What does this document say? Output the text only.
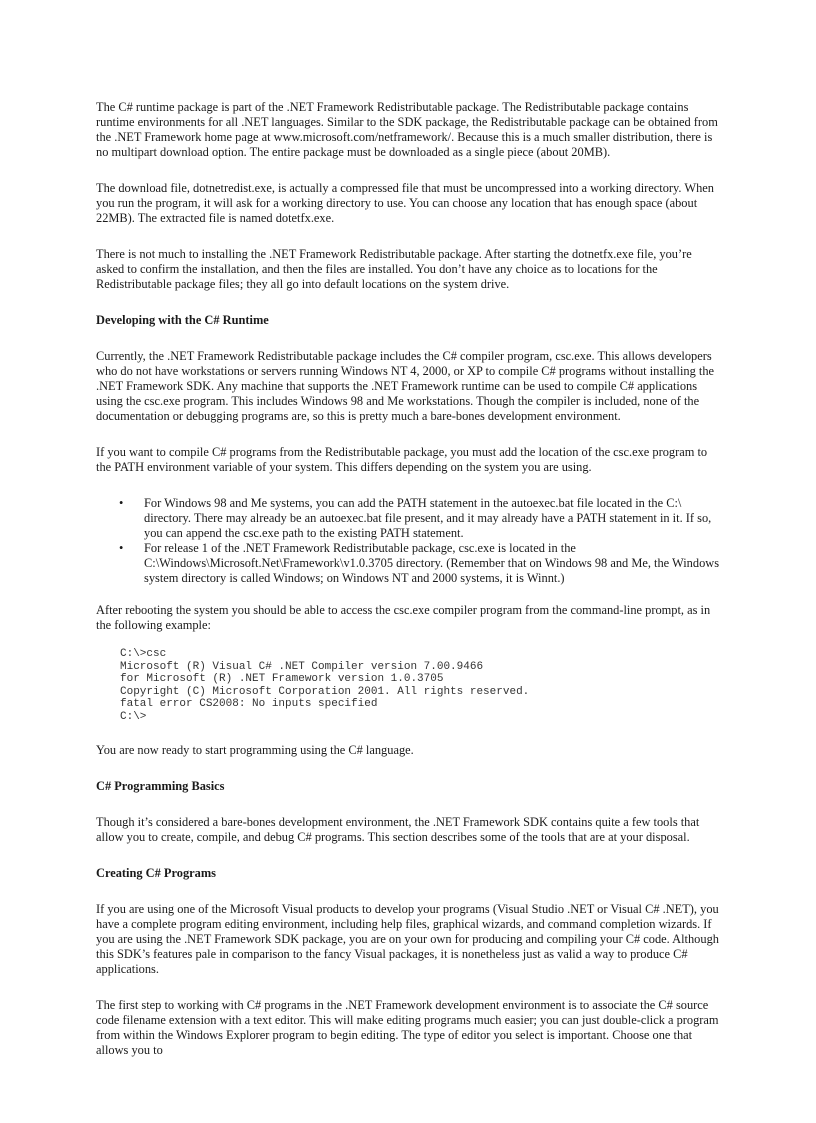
The C# runtime package is part of the .NET Framework Redistributable package. The Redistributable package contains runtime environments for all .NET languages. Similar to the SDK package, the Redistributable package can be obtained from the .NET Framework home page at www.microsoft.com/netframework/. Because this is a much smaller distribution, there is no multipart download option. The entire package must be downloaded as a single piece (about 20MB).

The download file, dotnetredist.exe, is actually a compressed file that must be uncompressed into a working directory. When you run the program, it will ask for a working directory to use. You can choose any location that has enough space (about 22MB). The extracted file is named dotetfx.exe.

There is not much to installing the .NET Framework Redistributable package. After starting the dotnetfx.exe file, you’re asked to confirm the installation, and then the files are installed. You don’t have any choice as to locations for the Redistributable package files; they all go into default locations on the system drive.

Developing with the C# Runtime

Currently, the .NET Framework Redistributable package includes the C# compiler program, csc.exe. This allows developers who do not have workstations or servers running Windows NT 4, 2000, or XP to compile C# programs without installing the .NET Framework SDK. Any machine that supports the .NET Framework runtime can be used to compile C# applications using the csc.exe program. This includes Windows 98 and Me workstations. Though the compiler is included, none of the documentation or debugging programs are, so this is pretty much a bare-bones development environment.

If you want to compile C# programs from the Redistributable package, you must add the location of the csc.exe program to the PATH environment variable of your system. This differs depending on the system you are using.

• For Windows 98 and Me systems, you can add the PATH statement in the autoexec.bat file located in the C:\ directory. There may already be an autoexec.bat file present, and it may already have a PATH statement in it. If so, you can append the csc.exe path to the existing PATH statement.
• For release 1 of the .NET Framework Redistributable package, csc.exe is located in the C:\Windows\Microsoft.Net\Framework\v1.0.3705 directory. (Remember that on Windows 98 and Me, the Windows system directory is called Windows; on Windows NT and 2000 systems, it is Winnt.)

After rebooting the system you should be able to access the csc.exe compiler program from the command-line prompt, as in the following example:

C:\>csc
Microsoft (R) Visual C# .NET Compiler version 7.00.9466
for Microsoft (R) .NET Framework version 1.0.3705
Copyright (C) Microsoft Corporation 2001. All rights reserved.
fatal error CS2008: No inputs specified
C:\>

You are now ready to start programming using the C# language.

C# Programming Basics

Though it’s considered a bare-bones development environment, the .NET Framework SDK contains quite a few tools that allow you to create, compile, and debug C# programs. This section describes some of the tools that are at your disposal.

Creating C# Programs

If you are using one of the Microsoft Visual products to develop your programs (Visual Studio .NET or Visual C# .NET), you have a complete program editing environment, including help files, graphical wizards, and command completion wizards. If you are using the .NET Framework SDK package, you are on your own for producing and compiling your C# code. Although this SDK’s features pale in comparison to the fancy Visual packages, it is nonetheless just as valid a way to produce C# applications.

The first step to working with C# programs in the .NET Framework development environment is to associate the C# source code filename extension with a text editor. This will make editing programs much easier; you can just double-click a program from within the Windows Explorer program to begin editing. The type of editor you select is important. Choose one that allows you to
